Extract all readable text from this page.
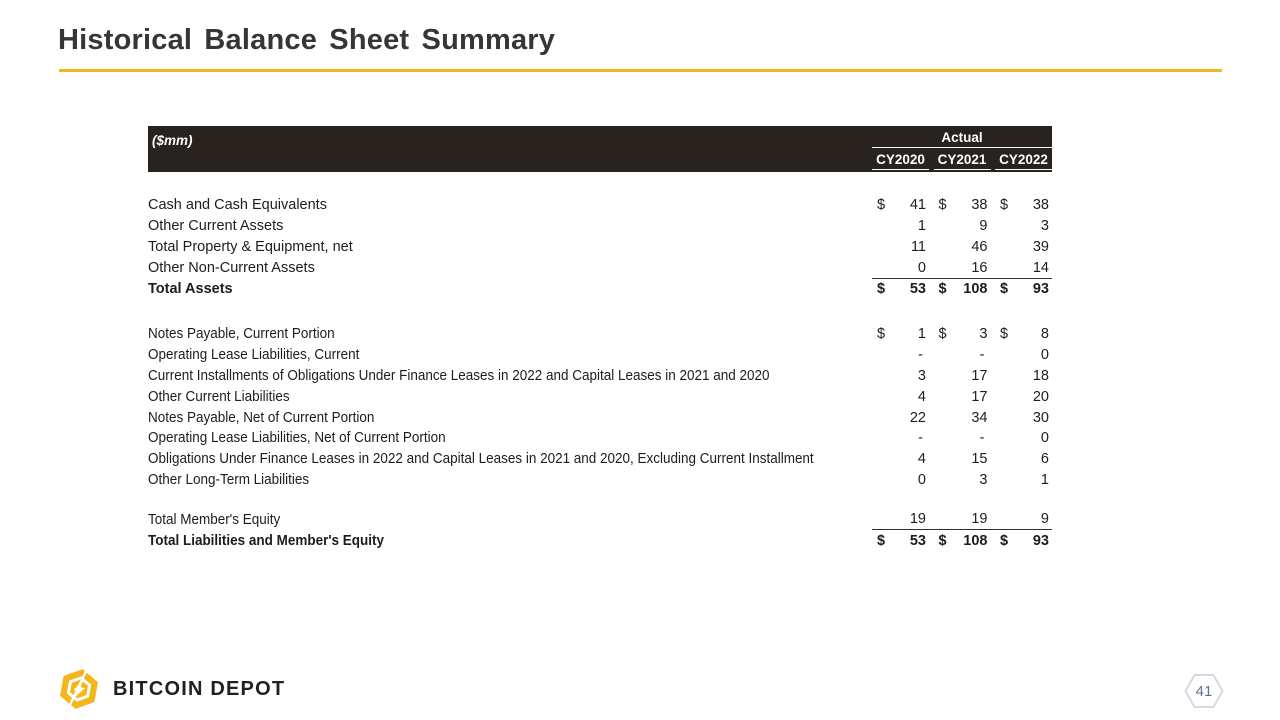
Historical Balance Sheet Summary
($mm)	Actual
CY2020 CY2021 CY2022
Cash and Cash Equivalents	$ 41 $ 38 $ 38
Other Current Assets	1	9	3
Total Property & Equipment, net	11	46	39
Other Non-Current Assets	0	16	14
Total Assets	$ 53 $ 108 $ 93
Notes Payable, Current Portion	$ 1 $ 3 $ 8
Operating Lease Liabilities, Current	-	-	0
Current Installments of Obligations Under Finance Leases in 2022 and Capital Leases in 2021 and 2020	3	17	18
Other Current Liabilities	4	17	20
Notes Payable, Net of Current Portion	22	34	30
Operating Lease Liabilities, Net of Current Portion	-	-	0
Obligations Under Finance Leases in 2022 and Capital Leases in 2021 and 2020, Excluding Current Installment	4	15	6
Other Long-Term Liabilities	0	3	1
Total Member's Equity	19	19	9
Total Liabilities and Member's Equity	$ 53 $ 108 $ 93
BITCOIN DEPOT	41
